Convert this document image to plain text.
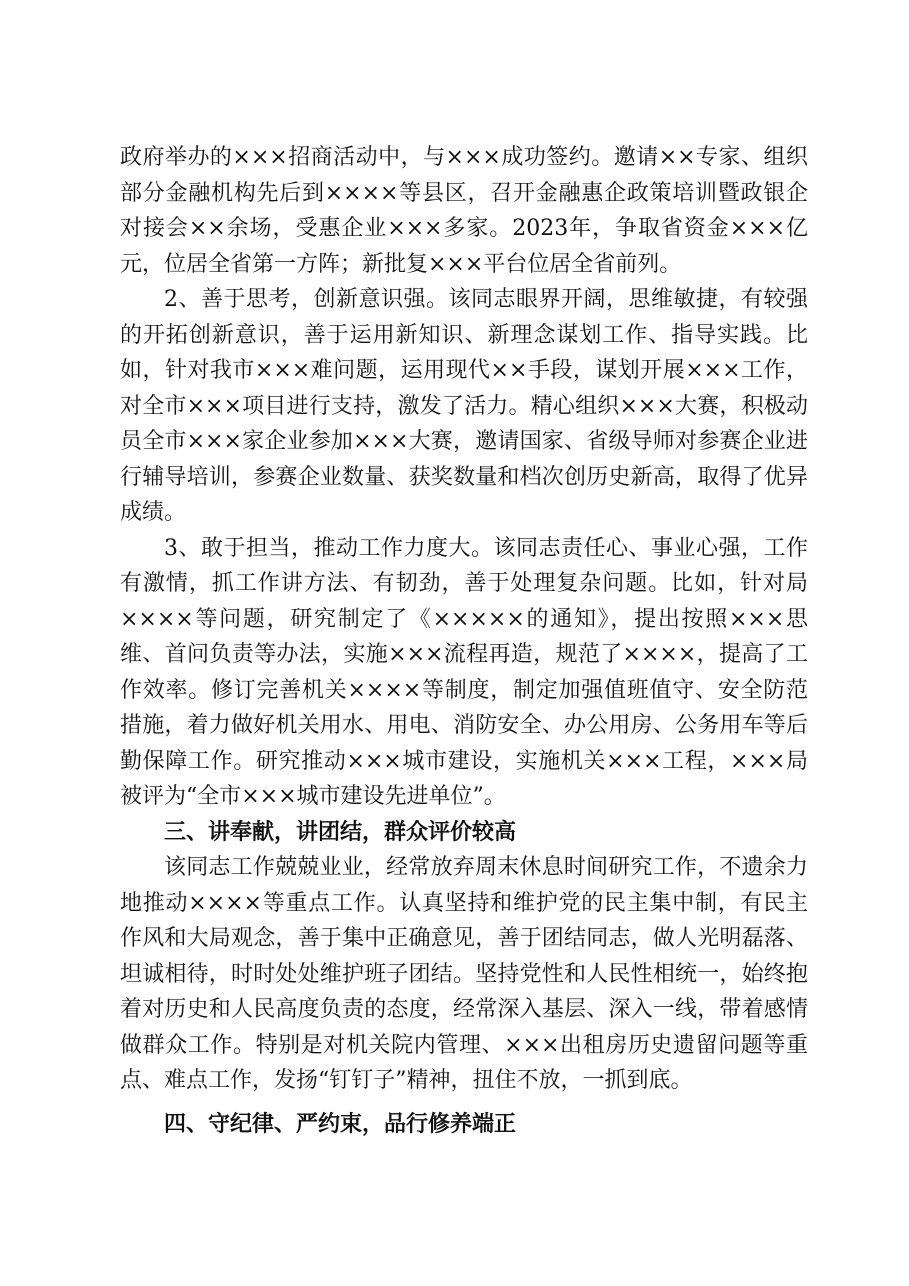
政府举办的×××招商活动中，与×××成功签约。邀请××专家、组织部分金融机构先后到××××等县区，召开金融惠企政策培训暨政银企对接会××余场，受惠企业×××多家。2023年，争取省资金×××亿元，位居全省第一方阵；新批复×××平台位居全省前列。

2、善于思考，创新意识强。该同志眼界开阔，思维敏捷，有较强的开拓创新意识，善于运用新知识、新理念谋划工作、指导实践。比如，针对我市×××难问题，运用现代××手段，谋划开展×××工作，对全市×××项目进行支持，激发了活力。精心组织×××大赛，积极动员全市×××家企业参加×××大赛，邀请国家、省级导师对参赛企业进行辅导培训，参赛企业数量、获奖数量和档次创历史新高，取得了优异成绩。

3、敢于担当，推动工作力度大。该同志责任心、事业心强，工作有激情，抓工作讲方法、有韧劲，善于处理复杂问题。比如，针对局××××等问题，研究制定了《×××××的通知》，提出按照×××思维、首问负责等办法，实施×××流程再造，规范了××××，提高了工作效率。修订完善机关××××等制度，制定加强值班值守、安全防范措施，着力做好机关用水、用电、消防安全、办公用房、公务用车等后勤保障工作。研究推动×××城市建设，实施机关×××工程，×××局被评为“全市×××城市建设先进单位”。

三、讲奉献，讲团结，群众评价较高

该同志工作兢兢业业，经常放弃周末休息时间研究工作，不遗余力地推动××××等重点工作。认真坚持和维护党的民主集中制，有民主作风和大局观念，善于集中正确意见，善于团结同志，做人光明磊落、坦诚相待，时时处处维护班子团结。坚持党性和人民性相统一，始终抱着对历史和人民高度负责的态度，经常深入基层、深入一线，带着感情做群众工作。特别是对机关院内管理、×××出租房历史遗留问题等重点、难点工作，发扬“钉钉子”精神，扭住不放，一抓到底。

四、守纪律、严约束，品行修养端正
